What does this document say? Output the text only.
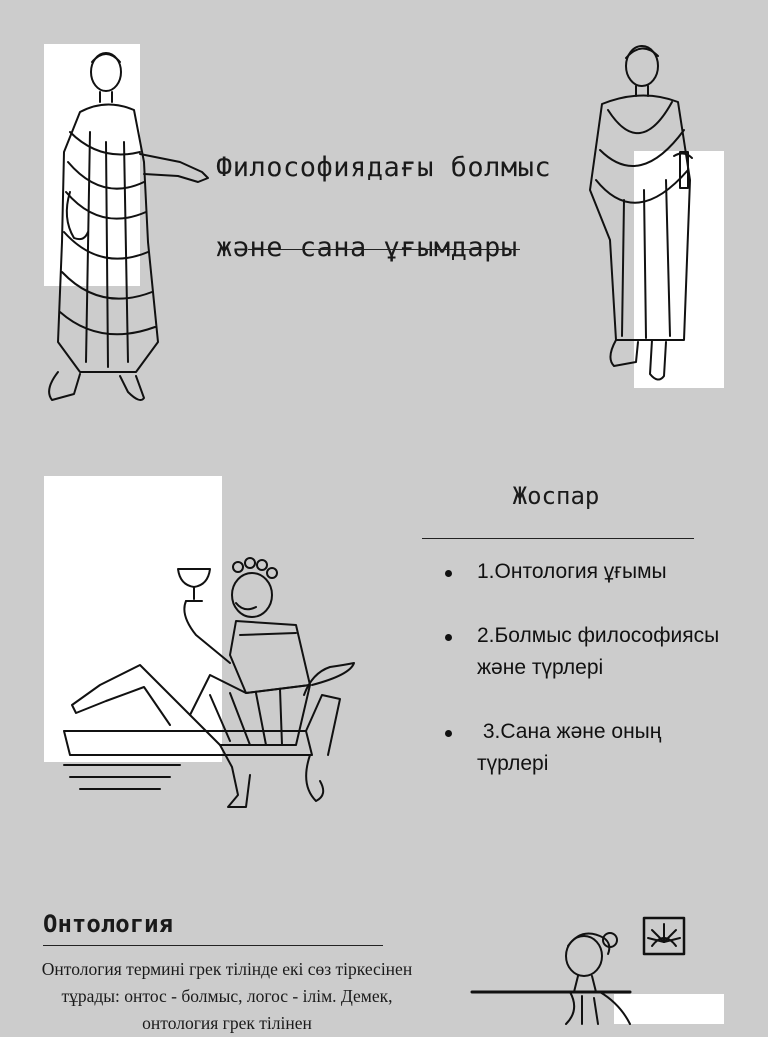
Философиядағы болмыс

және сана ұғымдары

Жоспар
1.Онтология ұғымы
2.Болмыс философиясы және түрлері
3.Сана және оның түрлері
Онтология
Онтология термині грек тілінде екі сөз тіркесінен тұрады: онтос - болмыс, логос - ілім. Демек, онтология грек тілінен
